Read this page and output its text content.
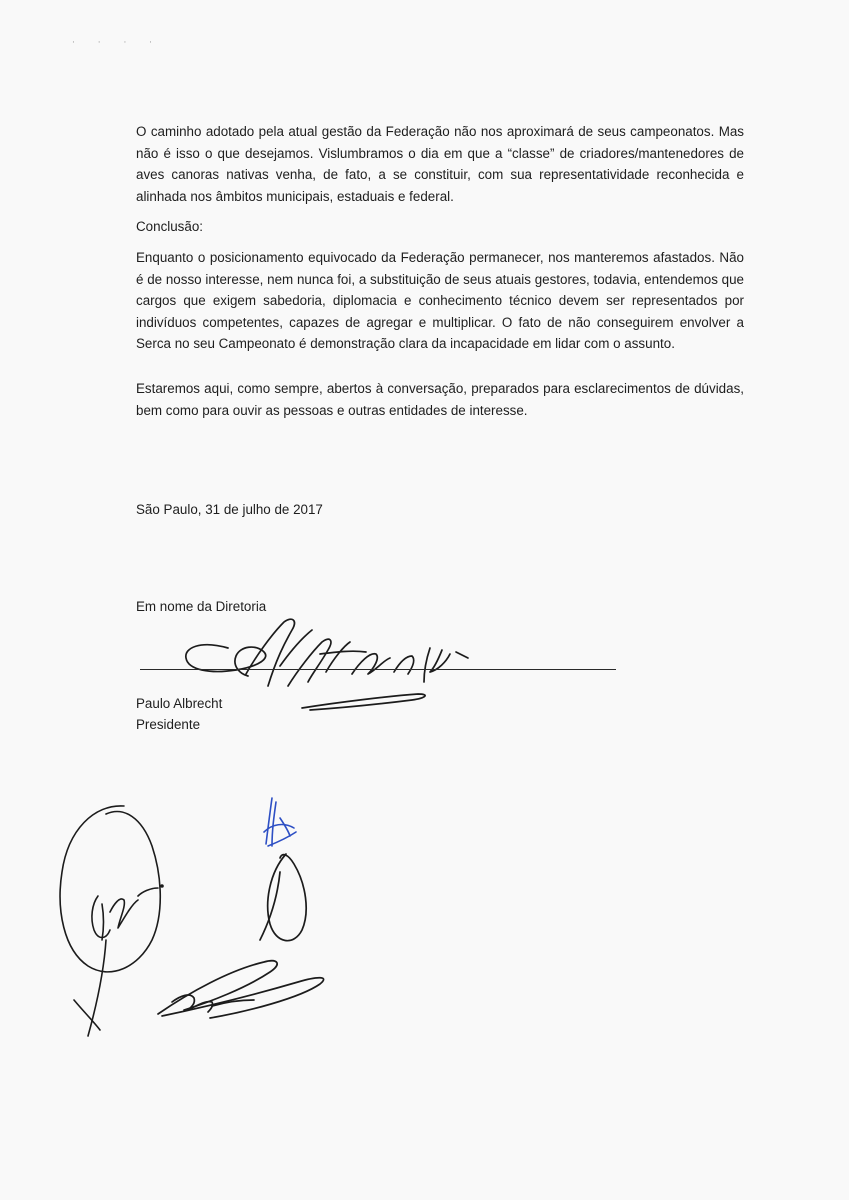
· · · ·

O caminho adotado pela atual gestão da Federação não nos aproximará de seus campeonatos. Mas não é isso o que desejamos. Vislumbramos o dia em que a “classe” de criadores/mantenedores de aves canoras nativas venha, de fato, a se constituir, com sua representatividade reconhecida e alinhada nos âmbitos municipais, estaduais e federal.

Conclusão:

Enquanto o posicionamento equivocado da Federação permanecer, nos manteremos afastados. Não é de nosso interesse, nem nunca foi, a substituição de seus atuais gestores, todavia, entendemos que cargos que exigem sabedoria, diplomacia e conhecimento técnico devem ser representados por indivíduos competentes, capazes de agregar e multiplicar. O fato de não conseguirem envolver a Serca no seu Campeonato é demonstração clara da incapacidade em lidar com o assunto.

Estaremos aqui, como sempre, abertos à conversação, preparados para esclarecimentos de dúvidas, bem como para ouvir as pessoas e outras entidades de interesse.

São Paulo, 31 de julho de 2017

Em nome da Diretoria

Paulo Albrecht

Presidente
